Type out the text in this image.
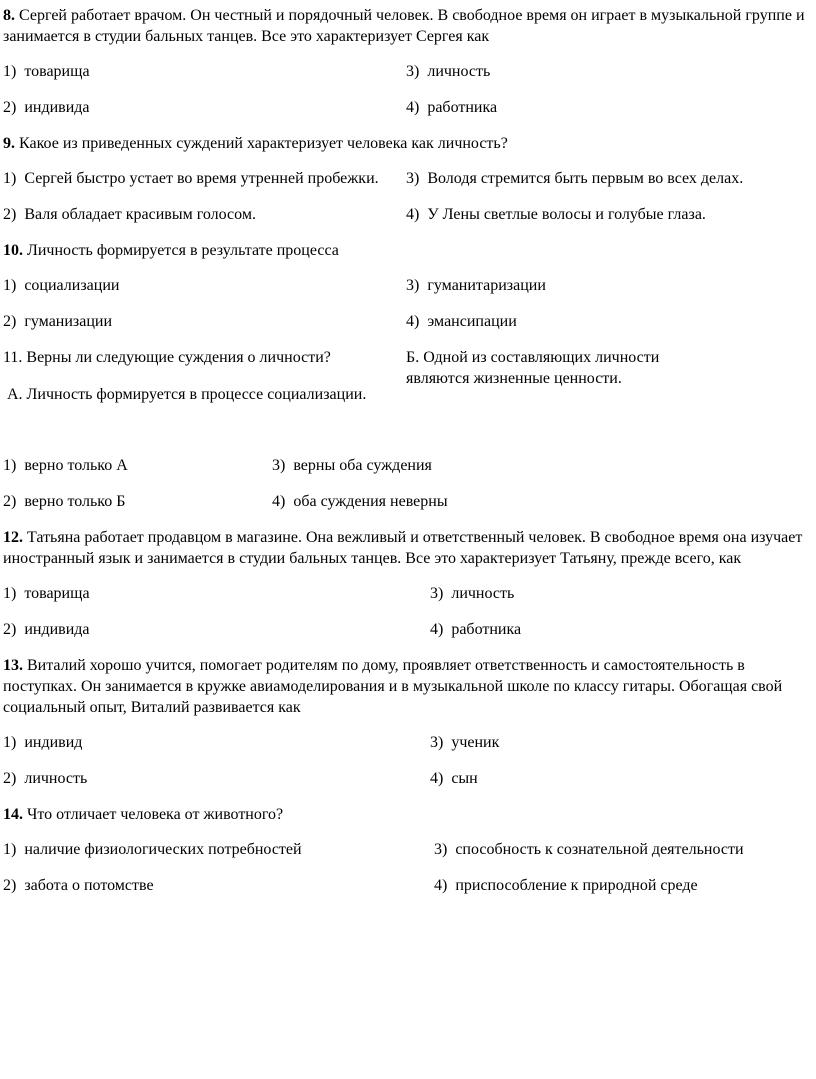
8. Сергей работает врачом. Он честный и порядочный человек. В свободное время он играет в музыкальной группе и занимается в студии бальных танцев. Все это характеризует Сергея как

1)  товарища	3)  личность
2)  индивида	4)  работника

9. Какое из приведенных суждений характеризует человека как личность?

1)  Сергей быстро устает во время утренней пробежки.	3)  Володя стремится быть первым во всех делах.
2)  Валя обладает красивым голосом.	4)  У Лены светлые волосы и голубые глаза.

10. Личность формируется в результате процесса

1)  социализации	3)  гуманитаризации
2)  гуманизации	4)  эмансипации

11. Верны ли следующие суждения о личности?

А. Личность формируется в процессе социализации.

Б. Одной из составляющих личности являются жизненные ценности.

1)  верно только А	3)  верны оба суждения
2)  верно только Б	4)  оба суждения неверны

12. Татьяна работает продавцом в магазине. Она вежливый и ответственный человек. В свободное время она изучает иностранный язык и занимается в студии бальных танцев. Все это характеризует Татьяну, прежде всего, как

1)  товарища	3)  личность
2)  индивида	4)  работника

13. Виталий хорошо учится, помогает родителям по дому, проявляет ответственность и самостоятельность в поступках. Он занимается в кружке авиамоделирования и в музыкальной школе по классу гитары. Обогащая свой социальный опыт, Виталий развивается как

1)  индивид	3)  ученик
2)  личность	4)  сын

14. Что отличает человека от животного?

1)  наличие физиологических потребностей	3)  способность к сознательной деятельности
2)  забота о потомстве	4)  приспособление к природной среде
